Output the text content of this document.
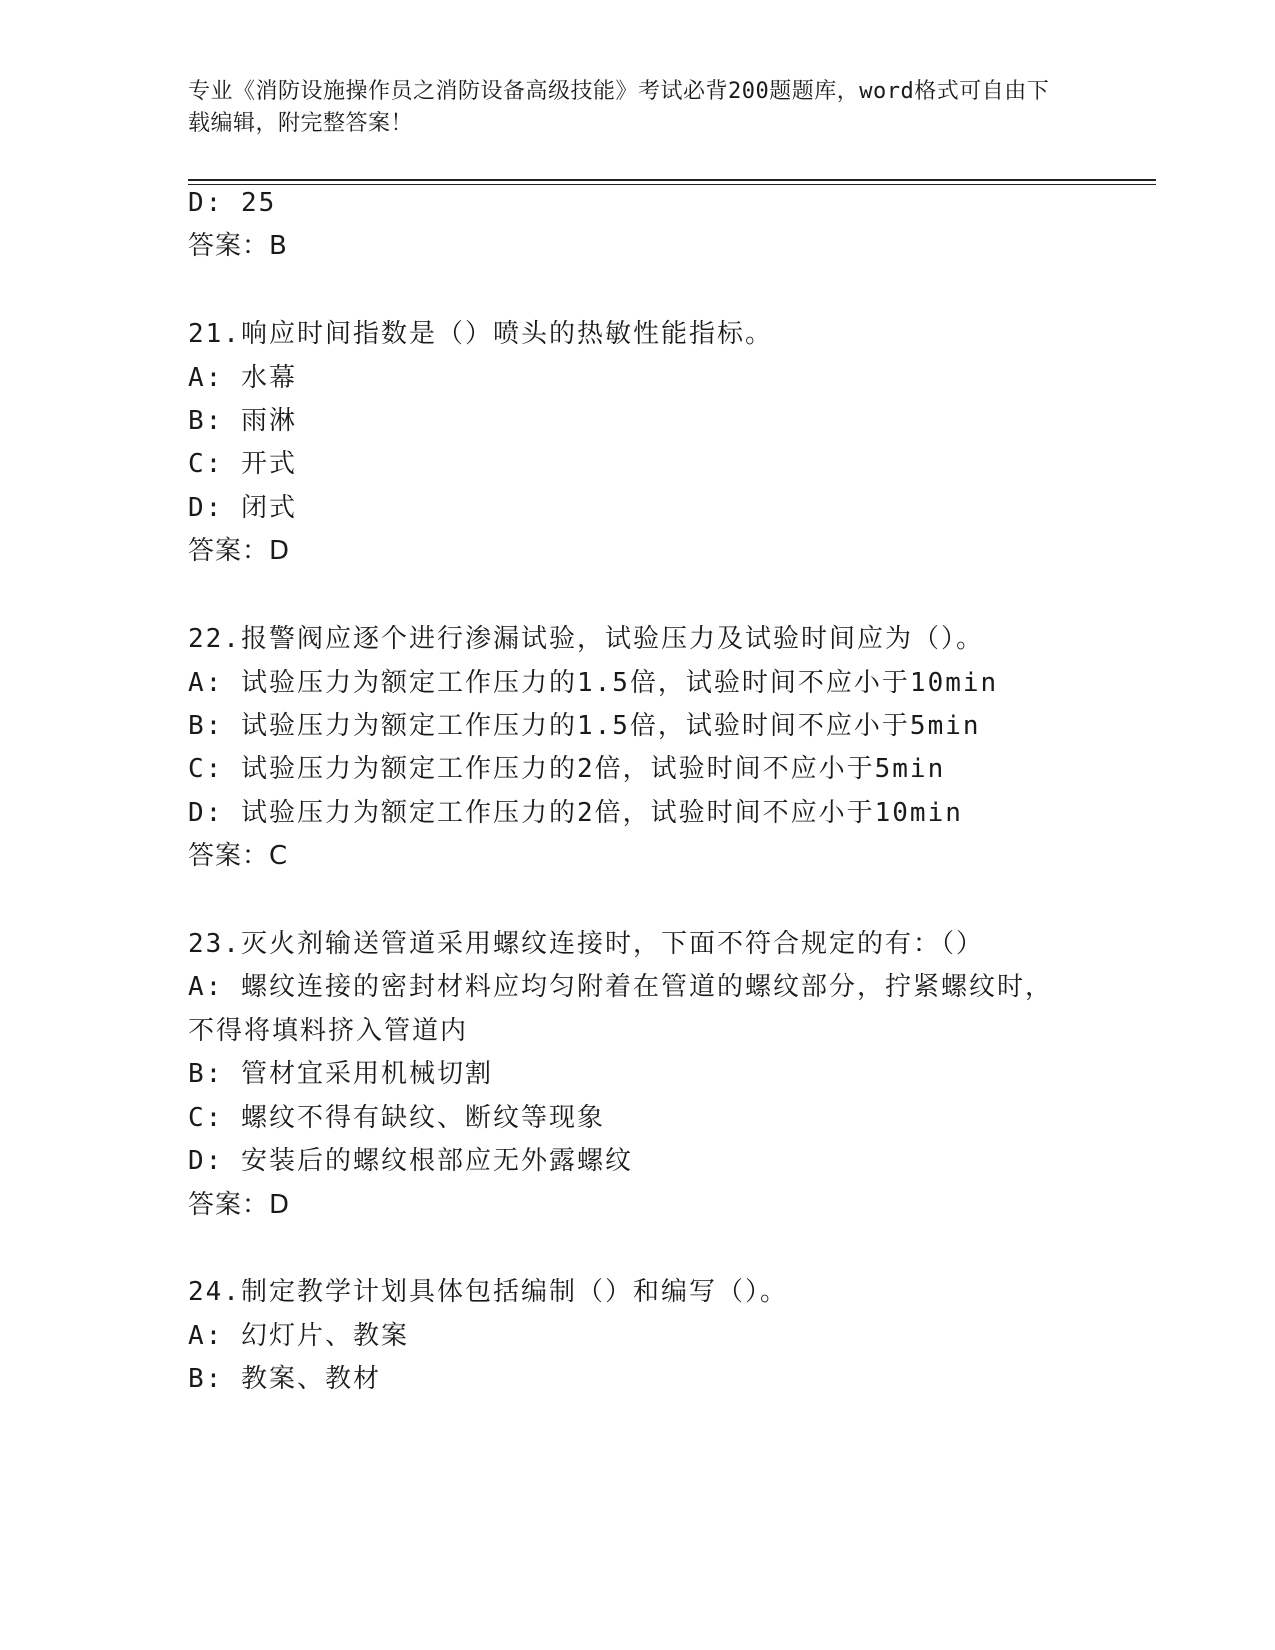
专业《消防设施操作员之消防设备高级技能》考试必背200题题库，word格式可自由下载编辑，附完整答案！
D: 25
答案：B
21.响应时间指数是（）喷头的热敏性能指标。
A: 水幕
B: 雨淋
C: 开式
D: 闭式
答案：D
22.报警阀应逐个进行渗漏试验，试验压力及试验时间应为（）。
A: 试验压力为额定工作压力的1.5倍，试验时间不应小于10min
B: 试验压力为额定工作压力的1.5倍，试验时间不应小于5min
C: 试验压力为额定工作压力的2倍，试验时间不应小于5min
D: 试验压力为额定工作压力的2倍，试验时间不应小于10min
答案：C
23.灭火剂输送管道采用螺纹连接时，下面不符合规定的有：（）
A: 螺纹连接的密封材料应均匀附着在管道的螺纹部分，拧紧螺纹时，
不得将填料挤入管道内
B: 管材宜采用机械切割
C: 螺纹不得有缺纹、断纹等现象
D: 安装后的螺纹根部应无外露螺纹
答案：D
24.制定教学计划具体包括编制（）和编写（）。
A: 幻灯片、教案
B: 教案、教材
